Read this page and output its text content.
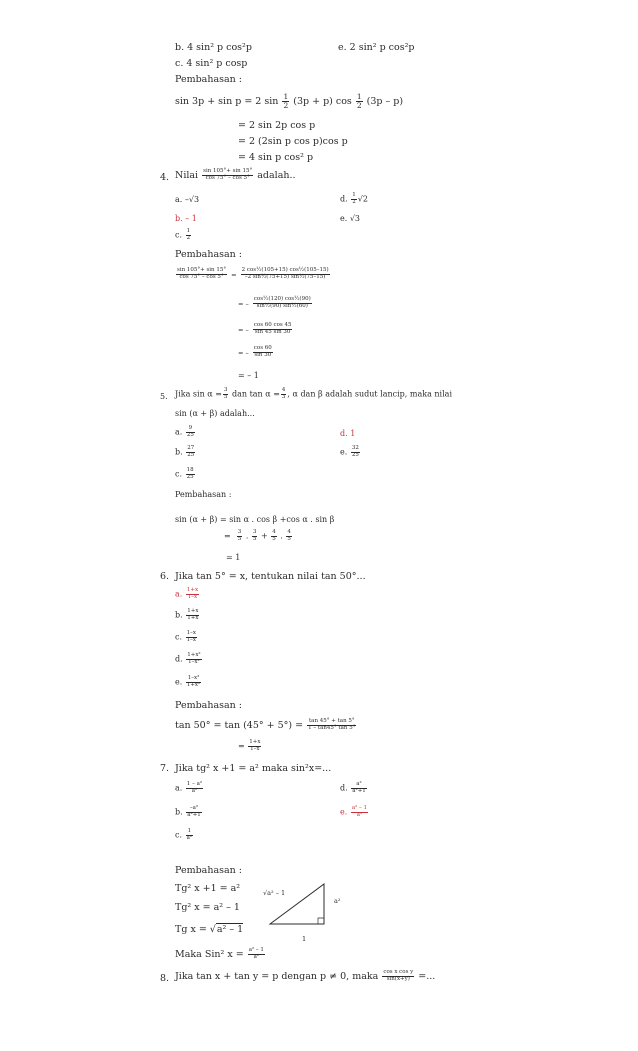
b. 4 sin² p cos²p	e. 2 sin² p cos²p
c. 4 sin² p cosp
Pembahasan :
sin 3p + sin p = 2 $\sin \frac{1}{2} (3p + p)$ $\cos \frac{1}{2} (3p - p)$
= 2 sin 2p cos p
= 2 (2sin p cos p)cos p
= 4 sin p cos² p
4. Nilai $\frac{\sin 105^\circ+ \sin 15^\circ}{\cos 75^\circ - \cos 5^\circ}$ adalah..
a. –√3	d. $\frac{1}{2} √2$
b. – 1	e. √3
c. $\frac{1}{2}$
Pembahasan :
$\frac{\sin 105^\circ+ \sin 15^\circ}{\cos 75^\circ - \cos 5^\circ} = \frac{\text{2 cos½(105+15) cos½(105–15)}}{\text{–2 sin½(75+15) sin½(75–15)}}$
= – $\frac{\text{cos½(120) cos½(90)}}{\text{sin½(90) sin½(60)}}$
= – $\frac{\cos 60 \cos 45}{\sin 45 \sin 30}$
= – $\frac{\cos 60}{\sin 30}$
= – 1
5. Jika $\sin \alpha = \frac{3}{5}$ dan $\tan \alpha = \frac{4}{3}$ , α dan β adalah sudut lancip, maka nilai
sin (α + β) adalah...
a. $\frac{9}{25}$	d. 1
b. $\frac{27}{25}$	e. $\frac{32}{25}$
c. $\frac{18}{25}$
Pembahasan :
sin (α + β) = sin α . cos β +cos α . sin β
= $\frac{3}{5}$ . $\frac{3}{5} + \frac{4}{5}$ . $\frac{4}{5}$
= 1
6. Jika tan 5° = x, tentukan nilai tan 50°...
a. $\frac{1+x}{1-x}$
b. $\frac{1+x}{1+x}$
c. $\frac{1-x}{1-x}$
d. $\frac{\text{1+x²}}{\text{1–x²}}$
e. $\frac{\text{1–x²}}{\text{1+x²}}$
Pembahasan :
$\tan 50^\circ = \tan (45^\circ + 5^\circ) = \frac{\tan 45^\circ + \tan 5^\circ}{1 - \tan 45^\circ \tan 5^\circ}$
= $\frac{1+x}{1-x}$
7. Jika tg² x +1 = a² maka sin²x=...
a. $\frac{\text{1 – a²}}{\text{a²}}$	d. $\frac{\text{a²}}{\text{a²+1}}$
b. $\frac{\text{–a²}}{\text{a²+1}}$	e. $\frac{\text{a² – 1}}{\text{a²}}$
c. $\frac{1}{\text{a²}}$
Pembahasan :
Tg² x +1 = a²
Tg² x = a² – 1
Tg x = √a² – 1
Maka Sin² $x = \frac{\text{a² – 1}}{\text{a²}}$
√a² – 1
a²
1
8. Jika tan x + tan y = p dengan p ≠ 0, maka $\frac{\text{cos x cos y}}{\sin(x+y)}$ =...
